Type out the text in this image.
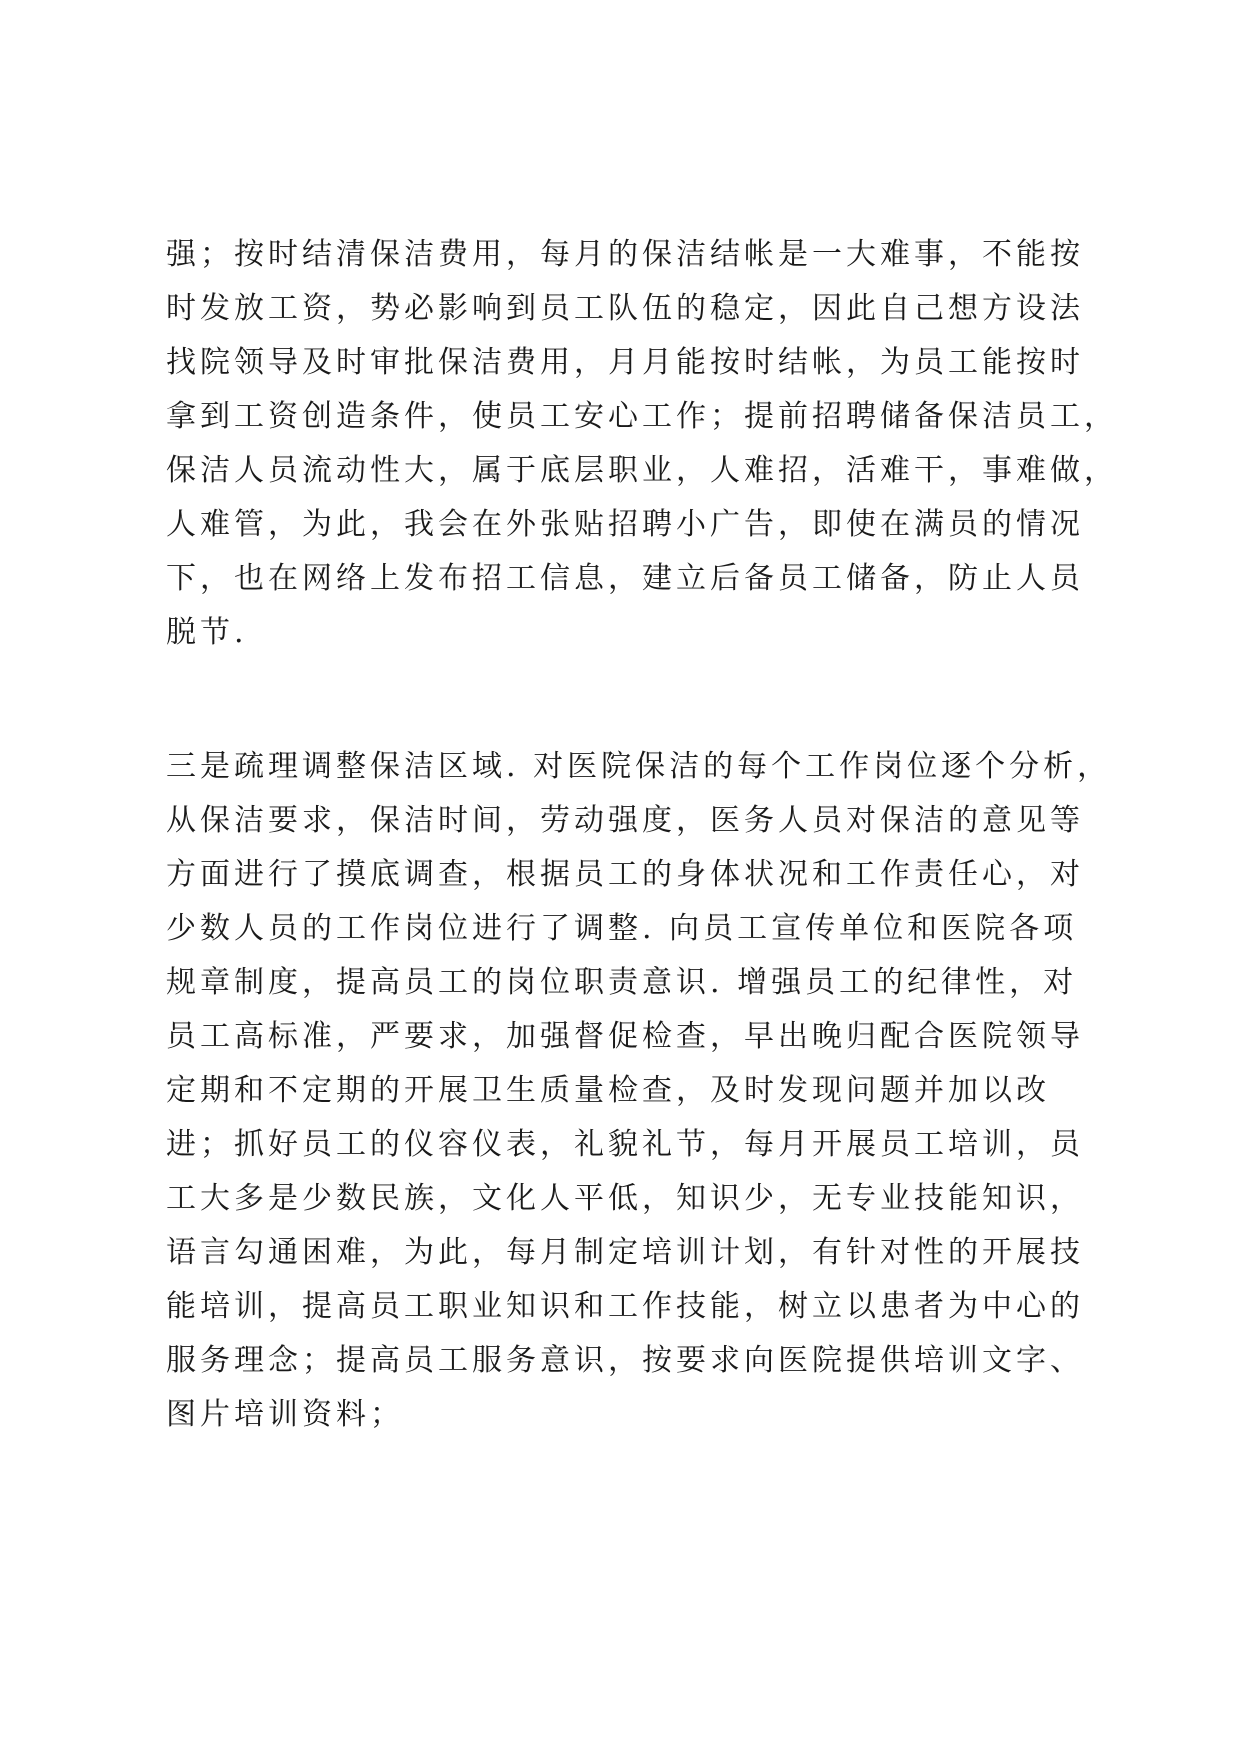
强；按时结清保洁费用，每月的保洁结帐是一大难事，不能按
时发放工资，势必影响到员工队伍的稳定，因此自己想方设法
找院领导及时审批保洁费用，月月能按时结帐，为员工能按时
拿到工资创造条件，使员工安心工作；提前招聘储备保洁员工，
保洁人员流动性大，属于底层职业，人难招，活难干，事难做，
人难管，为此，我会在外张贴招聘小广告，即使在满员的情况
下，也在网络上发布招工信息，建立后备员工储备，防止人员
脱节.
三是疏理调整保洁区域. 对医院保洁的每个工作岗位逐个分析，
从保洁要求，保洁时间，劳动强度，医务人员对保洁的意见等
方面进行了摸底调查，根据员工的身体状况和工作责任心，对
少数人员的工作岗位进行了调整. 向员工宣传单位和医院各项
规章制度，提高员工的岗位职责意识. 增强员工的纪律性，对
员工高标准，严要求，加强督促检查，早出晚归配合医院领导
定期和不定期的开展卫生质量检查，及时发现问题并加以改
进；抓好员工的仪容仪表，礼貌礼节，每月开展员工培训，员
工大多是少数民族，文化人平低，知识少，无专业技能知识，
语言勾通困难，为此，每月制定培训计划，有针对性的开展技
能培训，提高员工职业知识和工作技能，树立以患者为中心的
服务理念；提高员工服务意识，按要求向医院提供培训文字、
图片培训资料；
